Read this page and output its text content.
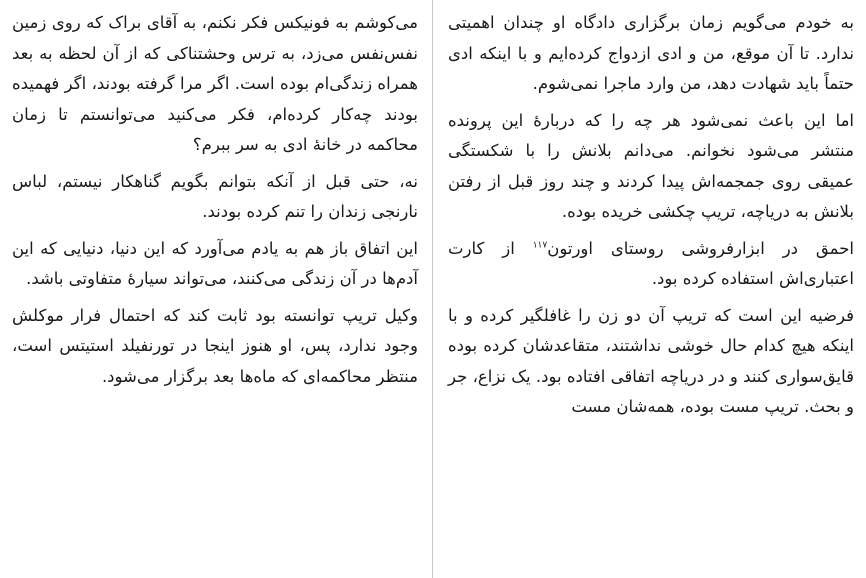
به خودم می‌گویم زمان برگزاری دادگاه او چندان اهمیتی ندارد. تا آن موقع، من و ادی ازدواج کرده‌ایم و با اینکه ادی حتماً باید شهادت دهد، من وارد ماجرا نمی‌شوم.

اما این باعث نمی‌شود هر چه را که دربارهٔ این پرونده منتشر می‌شود نخوانم. می‌دانم بلانش را با شکستگی عمیقی روی جمجمه‌اش پیدا کردند و چند روز قبل از رفتن بلانش به دریاچه، تریپ چکشی خریده بوده.

احمق در ابزارفروشی روستای اورتون$^{۱۱۷}$ از کارت اعتباری‌اش استفاده کرده بود.

فرضیه این است که تریپ آن دو زن را غافلگیر کرده و با اینکه هیچ کدام حال خوشی نداشتند، متقاعدشان کرده بوده قایق‌سواری کنند و در دریاچه اتفاقی افتاده بود. یک نزاع، جر و بحث. تریپ مست بوده، همه‌شان مست

می‌کوشم به فونیکس فکر نکنم، به آقای براک که روی زمین نفس‌نفس می‌زد، به ترس وحشتناکی که از آن لحظه به بعد همراه زندگی‌ام بوده است. اگر مرا گرفته بودند، اگر فهمیده بودند چه‌کار کرده‌ام، فکر می‌کنید می‌توانستم تا زمان محاکمه در خانهٔ ادی به سر ببرم؟

نه، حتی قبل از آنکه بتوانم بگویم گناهکار نیستم، لباس نارنجی زندان را تنم کرده بودند.

این اتفاق باز هم به یادم می‌آورد که این دنیا، دنیایی که این آدم‌ها در آن زندگی می‌کنند، می‌تواند سیارهٔ متفاوتی باشد.

وکیل تریپ توانسته بود ثابت کند که احتمال فرار موکلش وجود ندارد، پس، او هنوز اینجا در تورنفیلد استیتس است، منتظر محاکمه‌ای که ماه‌ها بعد برگزار می‌شود.
